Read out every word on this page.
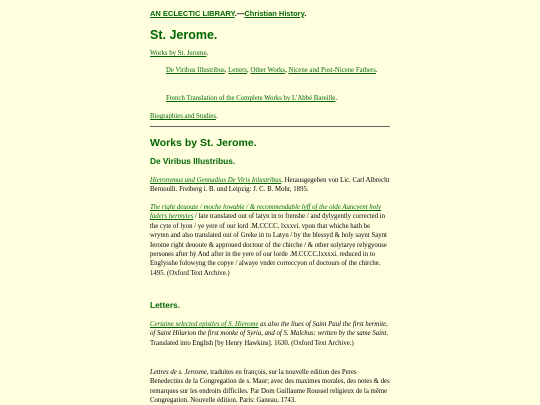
AN ECLECTIC LIBRARY.—Christian History.
St. Jerome.
Works by St. Jerome.
De Viribus Illustribus, Letters, Other Works, Nicene and Post-Nicene Fathers.
French Translation of the Complete Works by L'Abbé Bareille.
Biographies and Studies.
Works by St. Jerome.
De Viribus Illustribus.

Hieronymus und Gennadius De Viris Inlustribus. Herausgegeben von Lic. Carl Albrecht Bernoulli. Freiberg i. B. und Leipzig: J. C. B. Mohr, 1895.

The right deuoute / moche lowable / & recommendable lyff of the olde Auncyent holy faders hermytes / late translated out of latyn in to frenshe / and dylygently corrected in the cyte of lyon / ye yere of our lord .M.CCCC. lxxxvi. vpon that whiche hath be wryten and also translated out of Greke in to Latyn / by the blessyd & holy saynt Saynt Ierome right deuoute & approued doctour of the chirche / & other solytarye relygyouse persones after hẏ And after in the yere of our lorde .M.CCCC.lxxxxi. reduced in to Englysshe folowyng the copye / alwaye vnder correccyon of doctours of the chirche. 1495. (Oxford Text Archive.)

Letters.

Certaine selected epistles of S. Hierome as also the liues of Saint Paul the first hermite, of Saint Hilarion the first monke of Syria, and of S. Malchus: written by the same Saint. Translated into English [by Henry Hawkins]. 1630. (Oxford Text Archive.)

Lettres de s. Jerosme, traduites en françois, sur la nouvelle edition des Peres Benedectins de la Congregation de s. Maur; avec des maximes morales, des notes & des remarques sur les endroits difficiles. Par Dom Guillaume Roussel religieux de la même Congregation. Nouvelle édition. Paris: Ganeau, 1743.
